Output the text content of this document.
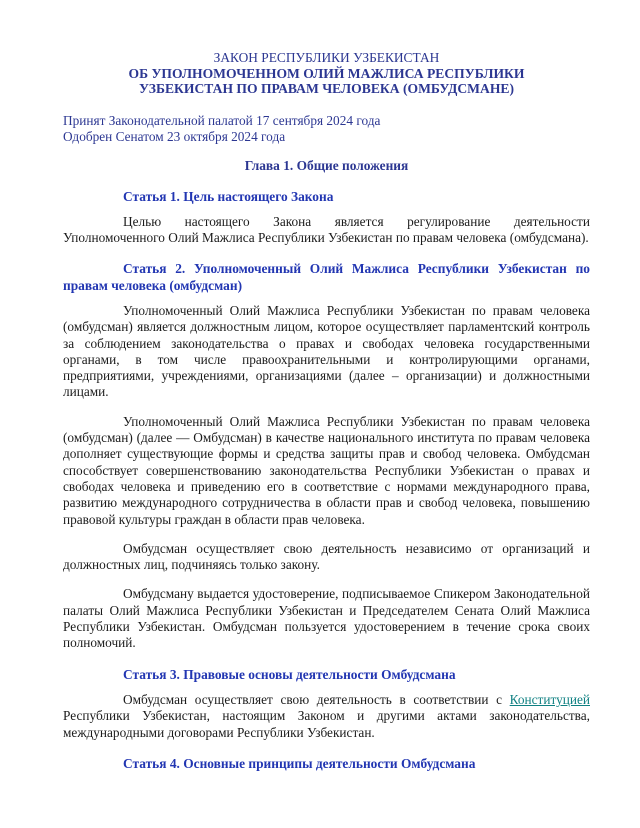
ЗАКОН РЕСПУБЛИКИ УЗБЕКИСТАН

ОБ УПОЛНОМОЧЕННОМ ОЛИЙ МАЖЛИСА РЕСПУБЛИКИ УЗБЕКИСТАН ПО ПРАВАМ ЧЕЛОВЕКА (ОМБУДСМАНЕ)

Принят Законодательной палатой 17 сентября 2024 года

Одобрен Сенатом 23 октября 2024 года

Глава 1. Общие положения

Статья 1. Цель настоящего Закона

Целью настоящего Закона является регулирование деятельности Уполномоченного Олий Мажлиса Республики Узбекистан по правам человека (омбудсмана).

Статья 2. Уполномоченный Олий Мажлиса Республики Узбекистан по правам человека (омбудсман)

Уполномоченный Олий Мажлиса Республики Узбекистан по правам человека (омбудсман) является должностным лицом, которое осуществляет парламентский контроль за соблюдением законодательства о правах и свободах человека государственными органами, в том числе правоохранительными и контролирующими органами, предприятиями, учреждениями, организациями (далее – организации) и должностными лицами.

Уполномоченный Олий Мажлиса Республики Узбекистан по правам человека (омбудсман) (далее — Омбудсман) в качестве национального института по правам человека дополняет существующие формы и средства защиты прав и свобод человека. Омбудсман способствует совершенствованию законодательства Республики Узбекистан о правах и свободах человека и приведению его в соответствие с нормами международного права, развитию международного сотрудничества в области прав и свобод человека, повышению правовой культуры граждан в области прав человека.

Омбудсман осуществляет свою деятельность независимо от организаций и должностных лиц, подчиняясь только закону.

Омбудсману выдается удостоверение, подписываемое Спикером Законодательной палаты Олий Мажлиса Республики Узбекистан и Председателем Сената Олий Мажлиса Республики Узбекистан. Омбудсман пользуется удостоверением в течение срока своих полномочий.

Статья 3. Правовые основы деятельности Омбудсмана

Омбудсман осуществляет свою деятельность в соответствии с Конституцией Республики Узбекистан, настоящим Законом и другими актами законодательства, международными договорами Республики Узбекистан.

Статья 4. Основные принципы деятельности Омбудсмана
